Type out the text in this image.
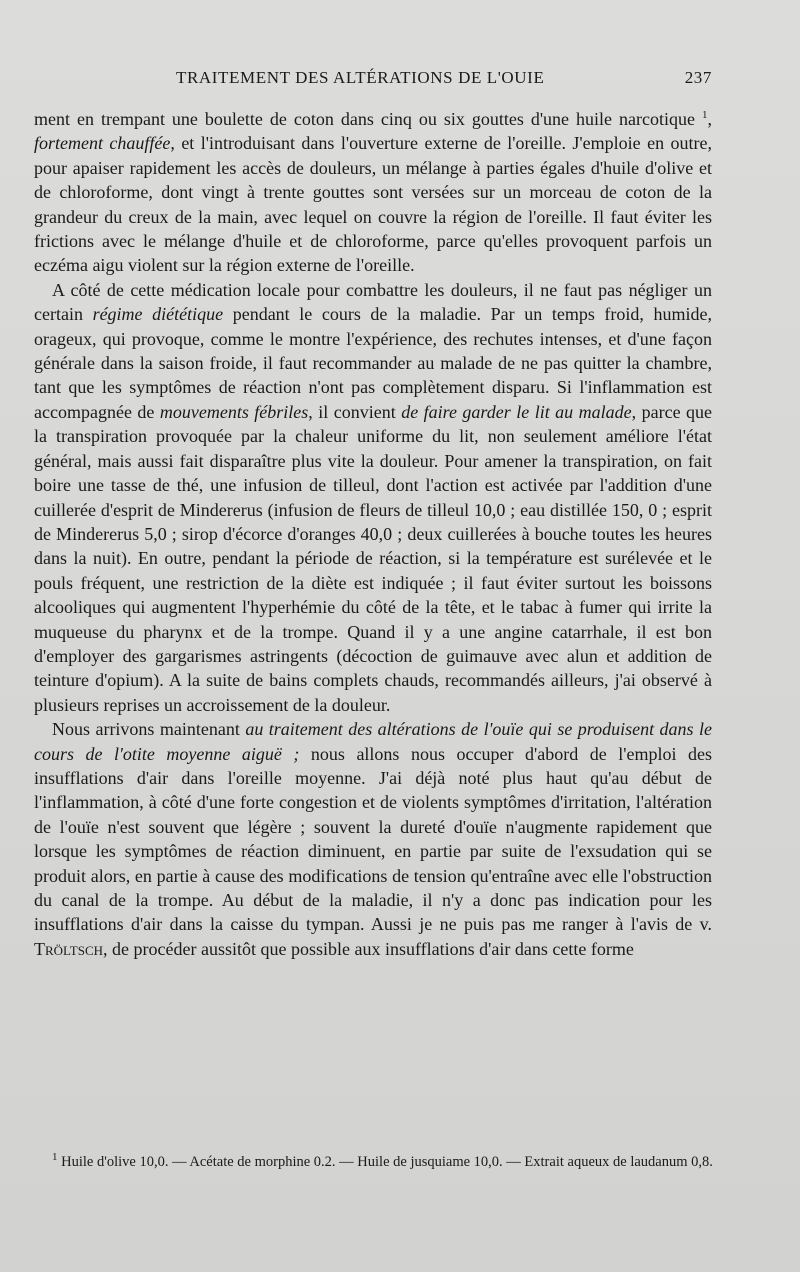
TRAITEMENT DES ALTÉRATIONS DE L'OUIE	237

ment en trempant une boulette de coton dans cinq ou six gouttes d'une huile narcotique $^1$, fortement chauffée, et l'introduisant dans l'ouverture externe de l'oreille. J'emploie en outre, pour apaiser rapidement les accès de douleurs, un mélange à parties égales d'huile d'olive et de chloroforme, dont vingt à trente gouttes sont versées sur un morceau de coton de la grandeur du creux de la main, avec lequel on couvre la région de l'oreille. Il faut éviter les frictions avec le mélange d'huile et de chloroforme, parce qu'elles provoquent parfois un eczéma aigu violent sur la région externe de l'oreille.

A côté de cette médication locale pour combattre les douleurs, il ne faut pas négliger un certain régime diététique pendant le cours de la maladie. Par un temps froid, humide, orageux, qui provoque, comme le montre l'expérience, des rechutes intenses, et d'une façon générale dans la saison froide, il faut recommander au malade de ne pas quitter la chambre, tant que les symptômes de réaction n'ont pas complètement disparu. Si l'inflammation est accompagnée de mouvements fébriles, il convient de faire garder le lit au malade, parce que la transpiration provoquée par la chaleur uniforme du lit, non seulement améliore l'état général, mais aussi fait disparaître plus vite la douleur. Pour amener la transpiration, on fait boire une tasse de thé, une infusion de tilleul, dont l'action est activée par l'addition d'une cuillerée d'esprit de Mindererus (infusion de fleurs de tilleul 10,0 ; eau distillée 150, 0 ; esprit de Mindererus 5,0 ; sirop d'écorce d'oranges 40,0 ; deux cuillerées à bouche toutes les heures dans la nuit). En outre, pendant la période de réaction, si la température est surélevée et le pouls fréquent, une restriction de la diète est indiquée ; il faut éviter surtout les boissons alcooliques qui augmentent l'hyperhémie du côté de la tête, et le tabac à fumer qui irrite la muqueuse du pharynx et de la trompe. Quand il y a une angine catarrhale, il est bon d'employer des gargarismes astringents (décoction de guimauve avec alun et addition de teinture d'opium). A la suite de bains complets chauds, recommandés ailleurs, j'ai observé à plusieurs reprises un accroissement de la douleur.

Nous arrivons maintenant au traitement des altérations de l'ouïe qui se produisent dans le cours de l'otite moyenne aiguë ; nous allons nous occuper d'abord de l'emploi des insufflations d'air dans l'oreille moyenne. J'ai déjà noté plus haut qu'au début de l'inflammation, à côté d'une forte congestion et de violents symptômes d'irritation, l'altération de l'ouïe n'est souvent que légère ; souvent la dureté d'ouïe n'augmente rapidement que lorsque les symptômes de réaction diminuent, en partie par suite de l'exsudation qui se produit alors, en partie à cause des modifications de tension qu'entraîne avec elle l'obstruction du canal de la trompe. Au début de la maladie, il n'y a donc pas indication pour les insufflations d'air dans la caisse du tympan. Aussi je ne puis pas me ranger à l'avis de v. Tröltsch, de procéder aussitôt que possible aux insufflations d'air dans cette forme

$^1$ Huile d'olive 10,0. — Acétate de morphine 0.2. — Huile de jusquiame 10,0. — Extrait aqueux de laudanum 0,8.
